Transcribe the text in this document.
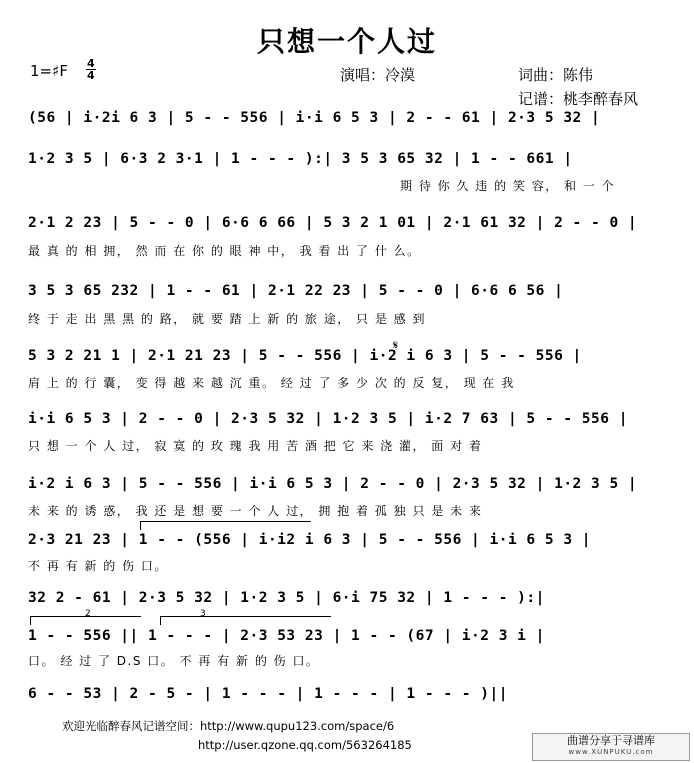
只想一个人过
1=♯F 4
4	演唱：冷漠	词曲：陈伟
记谱：桃李醉春风
(56 | i·2i 6 3 | 5 - - 556 | i·i 6 5 3 | 2 - - 61 | 2·3 5 32 |
1·2 3 5 | 6·3 2 3·1 | 1 - - - ):| 3 5 3 65 32 | 1 - - 661 |
期 待 你 久 违 的 笑 容， 和 一 个
2·1 2 23 | 5 - - 0 | 6·6 6 66 | 5 3 2 1 01 | 2·1 61 32 | 2 - - 0 |
最 真 的 相 拥， 然 而 在 你 的 眼 神 中， 我 看 出 了 什 么。
3 5 3 65 232 | 1 - - 61 | 2·1 22 23 | 5 - - 0 | 6·6 6 56 |
终 于 走 出 黑 黑 的 路， 就 要 踏 上 新 的 旅 途， 只 是 感 到
𝄋
5 3 2 21 1 | 2·1 21 23 | 5 - - 556 | i·2 i 6 3 | 5 - - 556 |
肩 上 的 行 囊， 变 得 越 来 越 沉 重。 经 过 了 多 少 次 的 反 复， 现 在 我
i·i 6 5 3 | 2 - - 0 | 2·3 5 32 | 1·2 3 5 | i·2 7 63 | 5 - - 556 |
只 想 一 个 人 过， 寂 寞 的 玫 瑰 我 用 苦 酒 把 它 来 浇 灌， 面 对 着
i·2 i 6 3 | 5 - - 556 | i·i 6 5 3 | 2 - - 0 | 2·3 5 32 | 1·2 3 5 |
未 来 的 诱 惑， 我 还 是 想 要 一 个 人 过， 拥 抱 着 孤 独 只 是 未 来
2·3 21 23 | 1 - - (556 | i·i2 i 6 3 | 5 - - 556 | i·i 6 5 3 |
不 再 有 新 的 伤 口。
32 2 - 61 | 2·3 5 32 | 1·2 3 5 | 6·i 75 32 | 1 - - - ):|
2	3
1 - - 556 || 1 - - - | 2·3 53 23 | 1 - - (67 | i·2 3 i |
口。 经 过 了 D.S 口。 不 再 有 新 的 伤 口。
6 - - 53 | 2 - 5 - | 1 - - - | 1 - - - | 1 - - - )||
欢迎光临醉春风记谱空间：http://www.qupu123.com/space/6
http://user.qzone.qq.com/563264185	曲谱分享于寻谱库
www.XUNPUKU.com
